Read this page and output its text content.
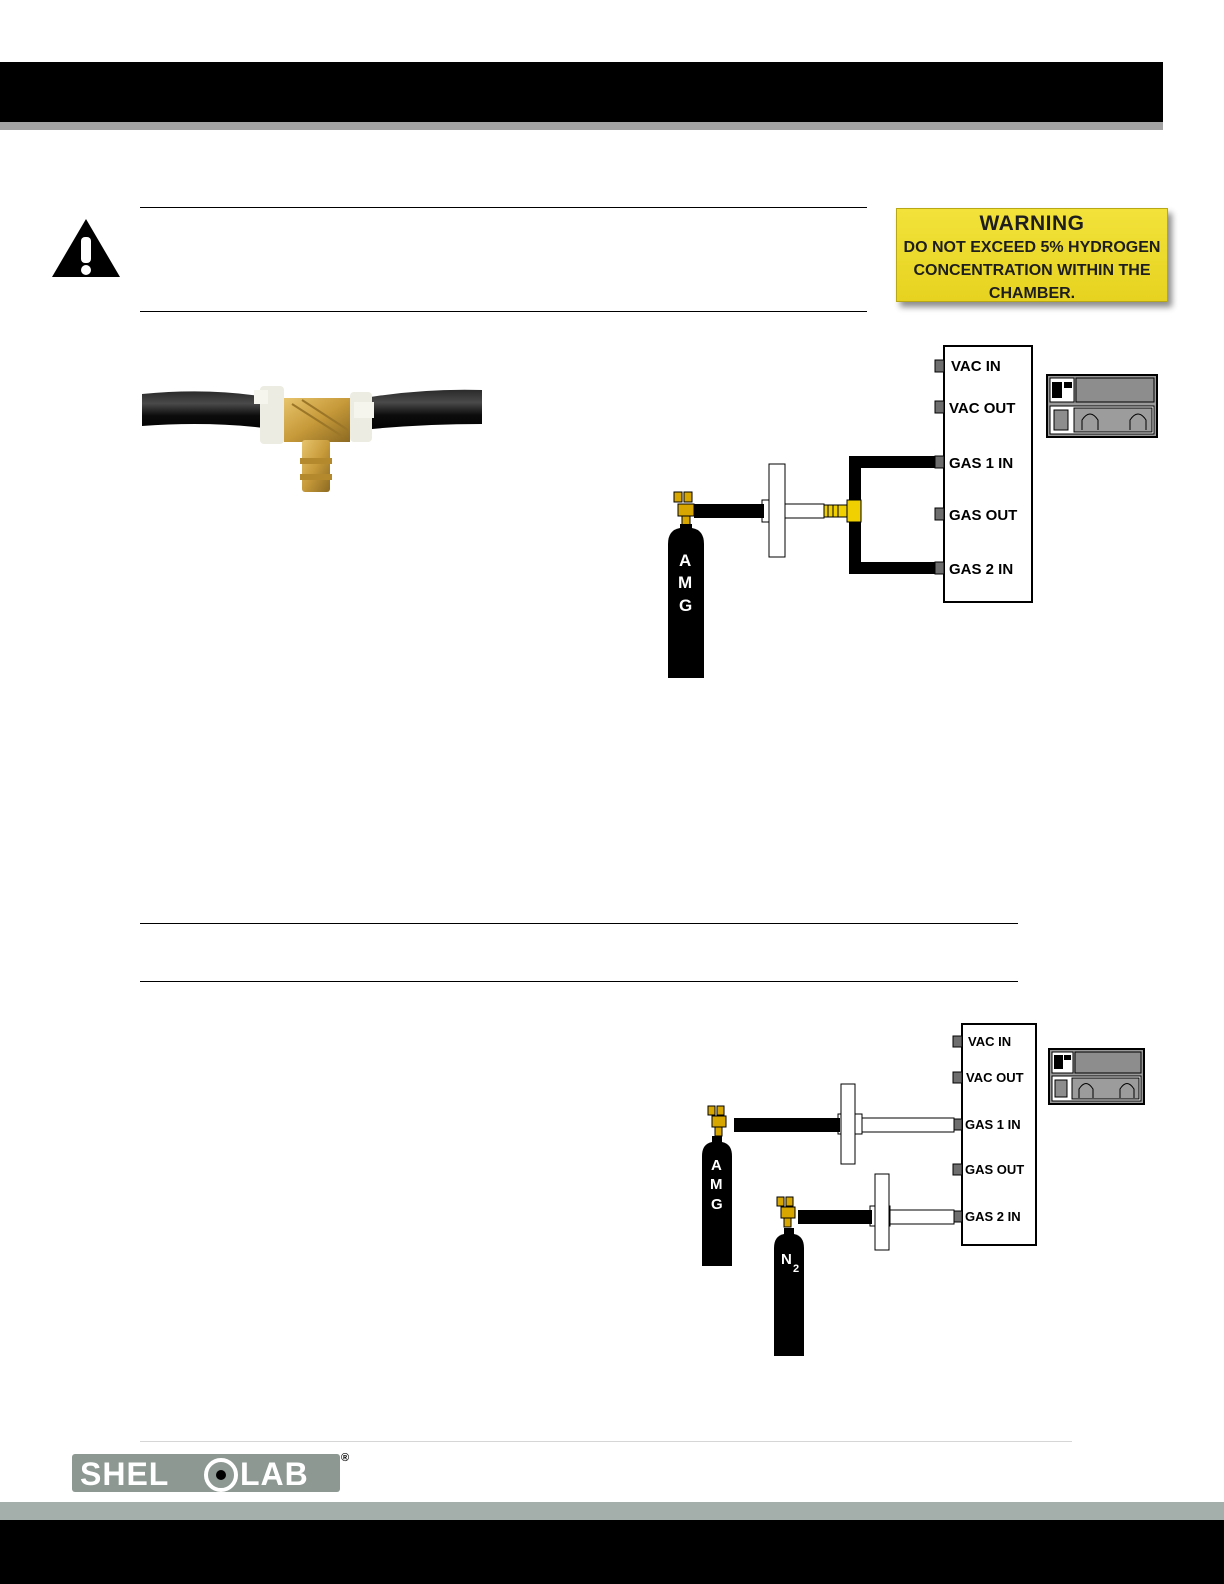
WARNING
DO NOT EXCEED 5% HYDROGEN
CONCENTRATION WITHIN THE
CHAMBER.
VAC IN
VAC OUT
GAS 1 IN
GAS OUT
GAS 2 IN
A
M
G
VAC IN
VAC OUT
GAS 1 IN
GAS OUT
GAS 2 IN
A
M
G
N
2
SHEL LAB	®
